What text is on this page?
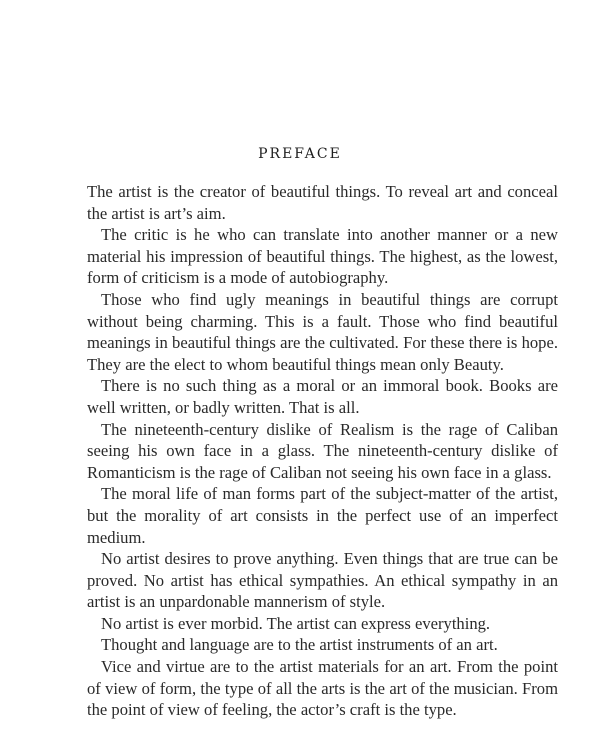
PREFACE

The artist is the creator of beautiful things. To reveal art and conceal the artist is art’s aim.

The critic is he who can translate into another manner or a new material his impression of beautiful things. The highest, as the lowest, form of criticism is a mode of autobiography.

Those who find ugly meanings in beautiful things are corrupt without being charming. This is a fault. Those who find beautiful meanings in beautiful things are the cultivated. For these there is hope. They are the elect to whom beautiful things mean only Beauty.

There is no such thing as a moral or an immoral book. Books are well written, or badly written. That is all.

The nineteenth-century dislike of Realism is the rage of Caliban seeing his own face in a glass. The nineteenth-century dislike of Romanticism is the rage of Caliban not seeing his own face in a glass.

The moral life of man forms part of the subject-matter of the artist, but the morality of art consists in the perfect use of an imperfect medium.

No artist desires to prove anything. Even things that are true can be proved. No artist has ethical sympathies. An ethical sympathy in an artist is an unpardonable mannerism of style.

No artist is ever morbid. The artist can express everything.

Thought and language are to the artist instruments of an art.

Vice and virtue are to the artist materials for an art. From the point of view of form, the type of all the arts is the art of the musician. From the point of view of feeling, the actor’s craft is the type.
